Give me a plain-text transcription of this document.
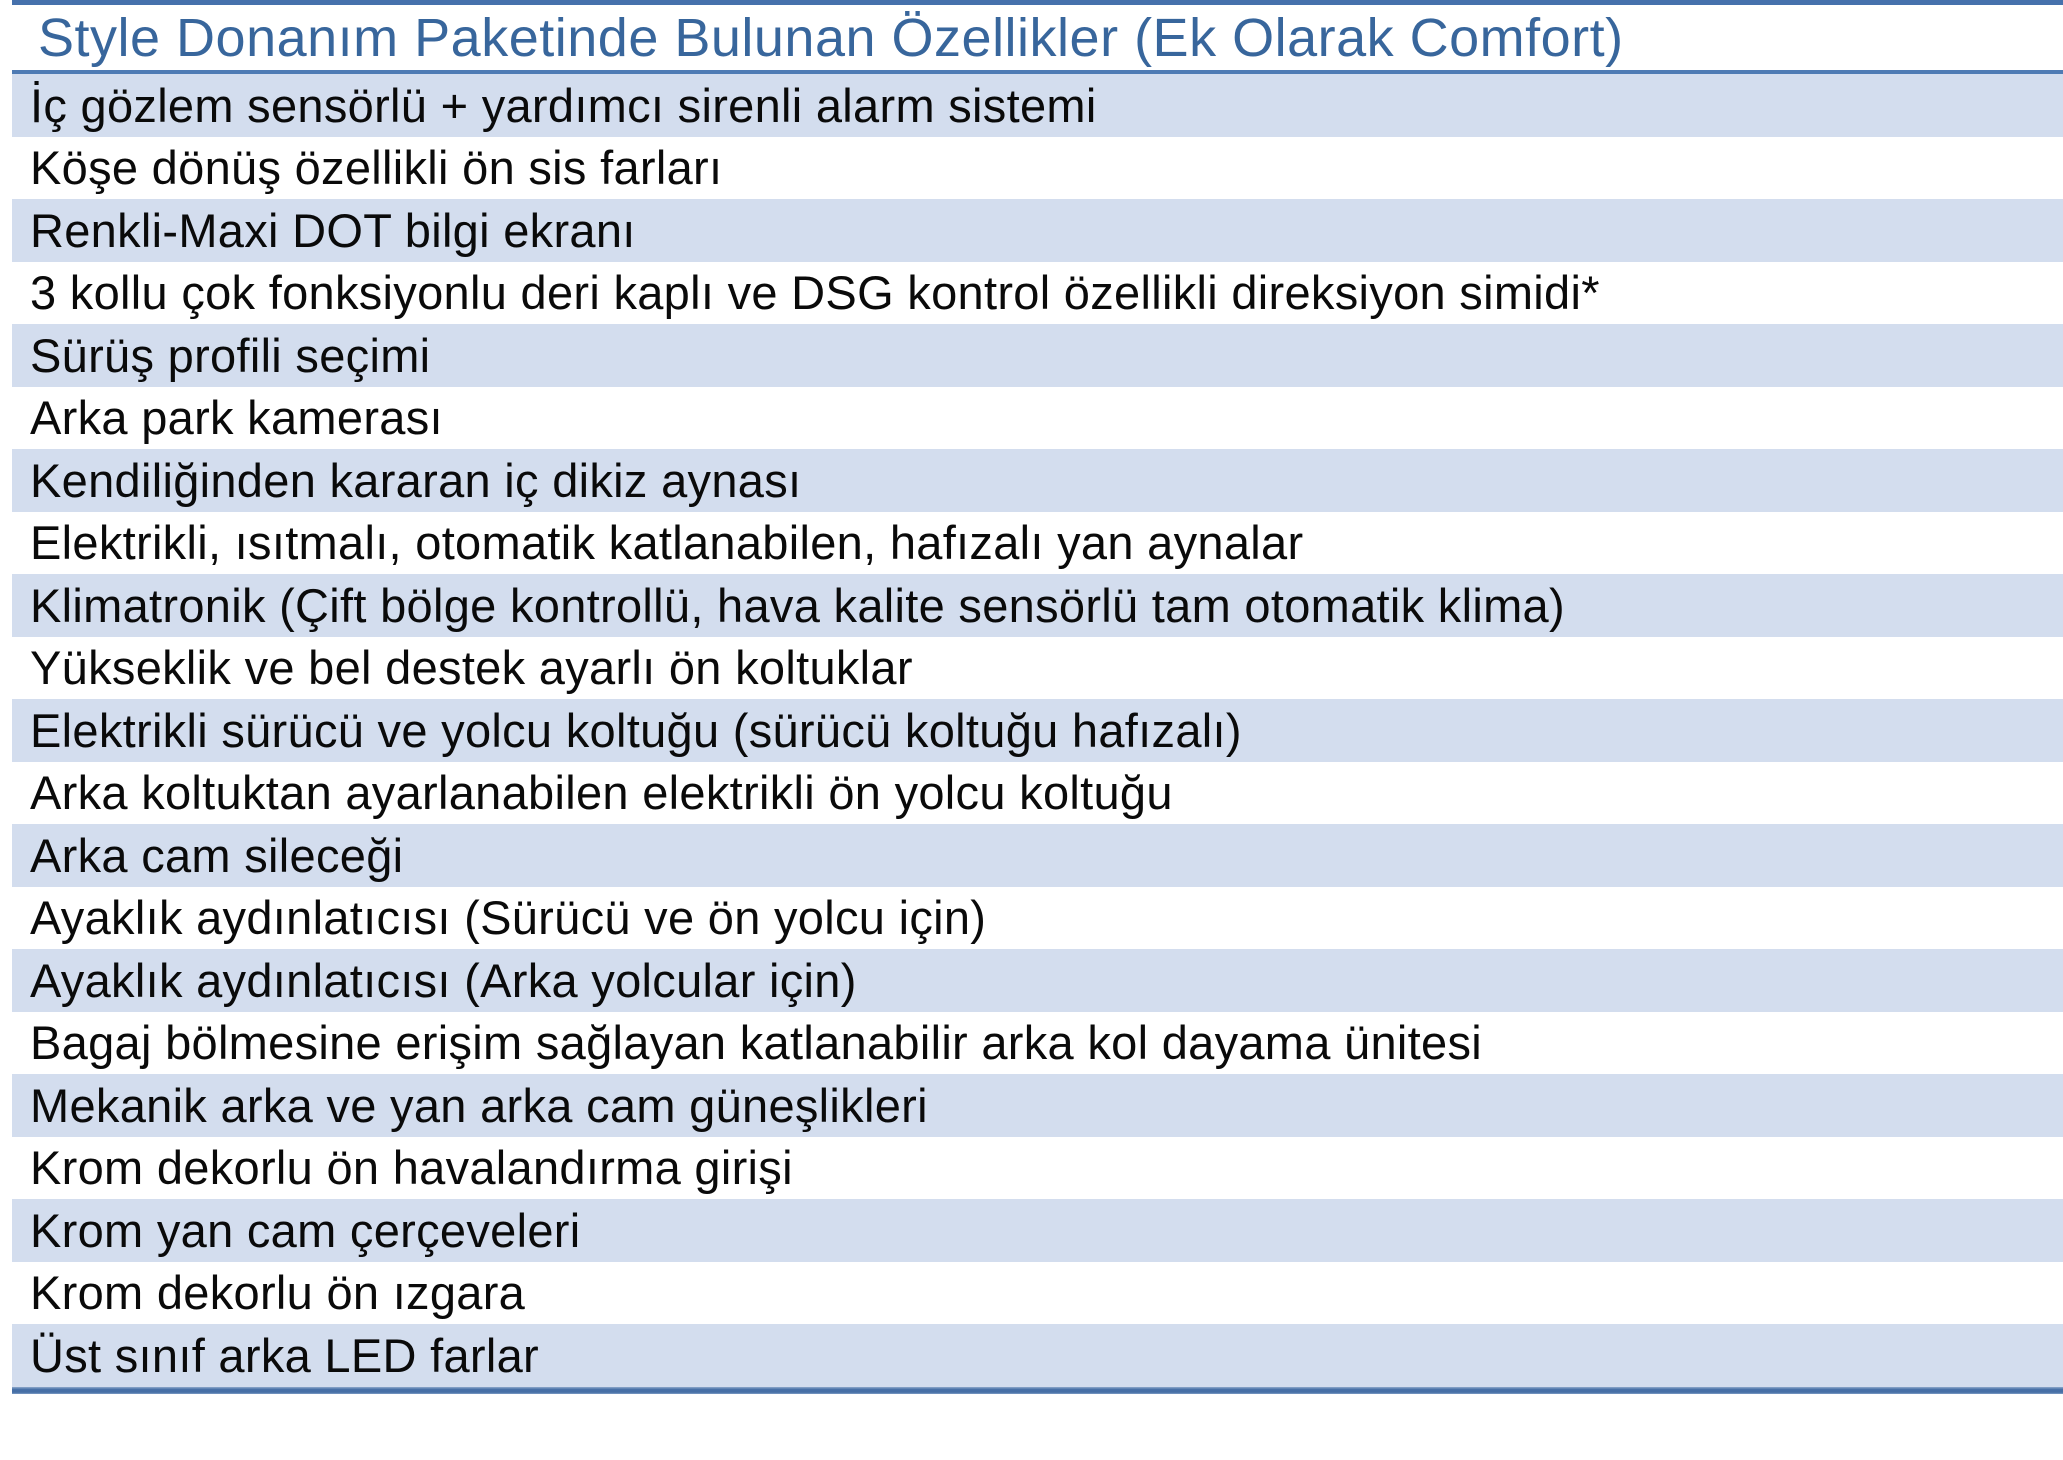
Style Donanım Paketinde Bulunan Özellikler (Ek Olarak Comfort)
İç gözlem sensörlü + yardımcı sirenli alarm sistemi
Köşe dönüş özellikli ön sis farları
Renkli-Maxi DOT bilgi ekranı
3 kollu çok fonksiyonlu deri kaplı ve DSG kontrol özellikli direksiyon simidi*
Sürüş profili seçimi
Arka park kamerası
Kendiliğinden kararan iç dikiz aynası
Elektrikli, ısıtmalı, otomatik katlanabilen, hafızalı yan aynalar
Klimatronik (Çift bölge kontrollü, hava kalite sensörlü tam otomatik klima)
Yükseklik ve bel destek ayarlı ön koltuklar
Elektrikli sürücü ve yolcu koltuğu (sürücü koltuğu hafızalı)
Arka koltuktan ayarlanabilen elektrikli ön yolcu koltuğu
Arka cam sileceği
Ayaklık aydınlatıcısı (Sürücü ve ön yolcu için)
Ayaklık aydınlatıcısı (Arka yolcular için)
Bagaj bölmesine erişim sağlayan katlanabilir arka kol dayama ünitesi
Mekanik arka ve yan arka cam güneşlikleri
Krom dekorlu ön havalandırma girişi
Krom yan cam çerçeveleri
Krom dekorlu ön ızgara
Üst sınıf arka LED farlar
